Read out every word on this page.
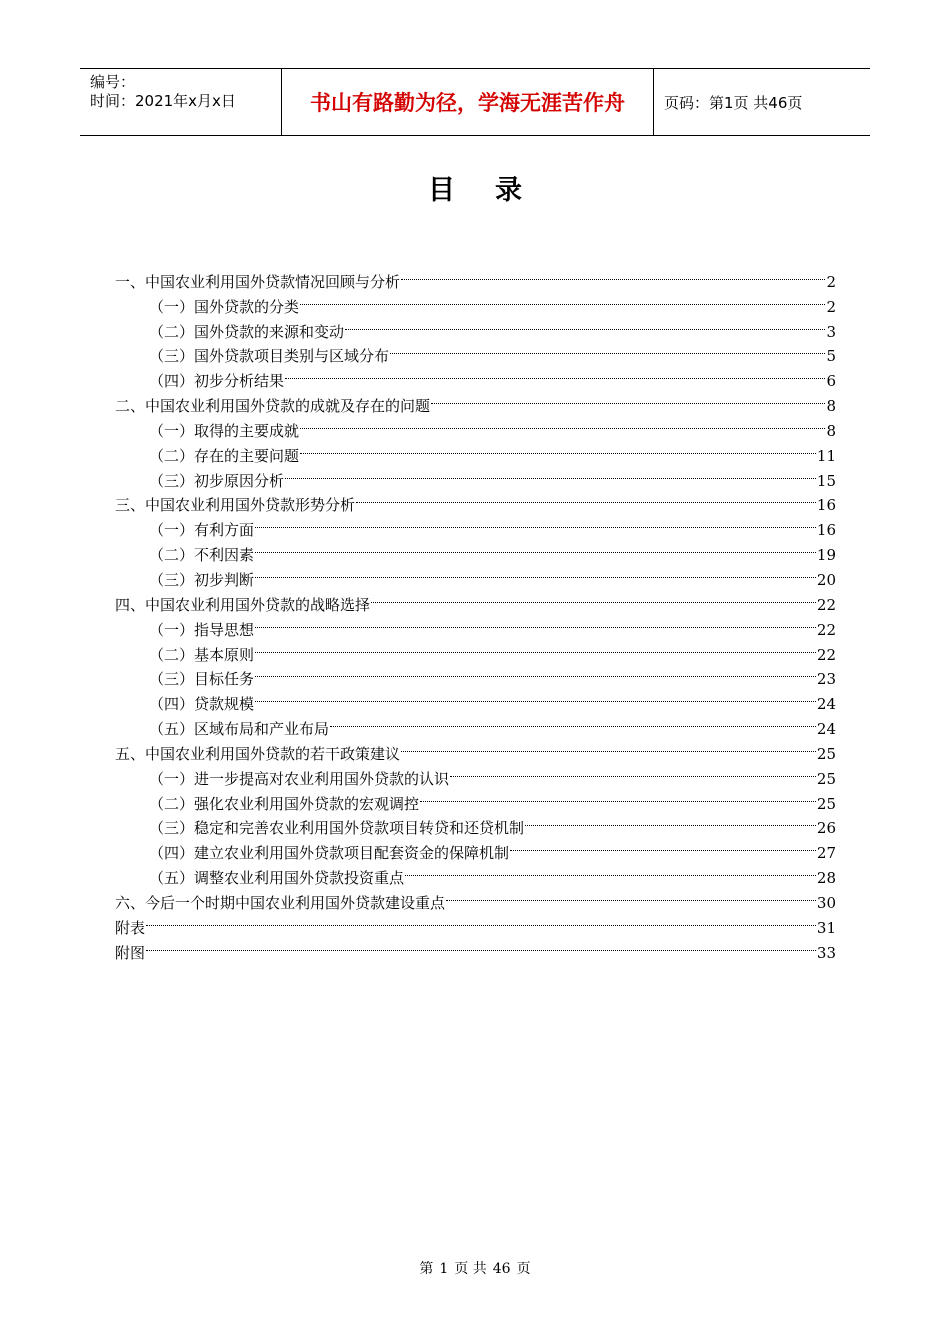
编号：
时间：2021年x月x日	书山有路勤为径，学海无涯苦作舟	页码：第1页 共46页
目录
一、中国农业利用国外贷款情况回顾与分析	2
（一）国外贷款的分类	2
（二）国外贷款的来源和变动	3
（三）国外贷款项目类别与区域分布	5
（四）初步分析结果	6
二、中国农业利用国外贷款的成就及存在的问题	8
（一）取得的主要成就	8
（二）存在的主要问题	11
（三）初步原因分析	15
三、中国农业利用国外贷款形势分析	16
（一）有利方面	16
（二）不利因素	19
（三）初步判断	20
四、中国农业利用国外贷款的战略选择	22
（一）指导思想	22
（二）基本原则	22
（三）目标任务	23
（四）贷款规模	24
（五）区域布局和产业布局	24
五、中国农业利用国外贷款的若干政策建议	25
（一）进一步提高对农业利用国外贷款的认识	25
（二）强化农业利用国外贷款的宏观调控	25
（三）稳定和完善农业利用国外贷款项目转贷和还贷机制	26
（四）建立农业利用国外贷款项目配套资金的保障机制	27
（五）调整农业利用国外贷款投资重点	28
六、今后一个时期中国农业利用国外贷款建设重点	30
附表	31
附图	33
第 1 页 共 46 页
